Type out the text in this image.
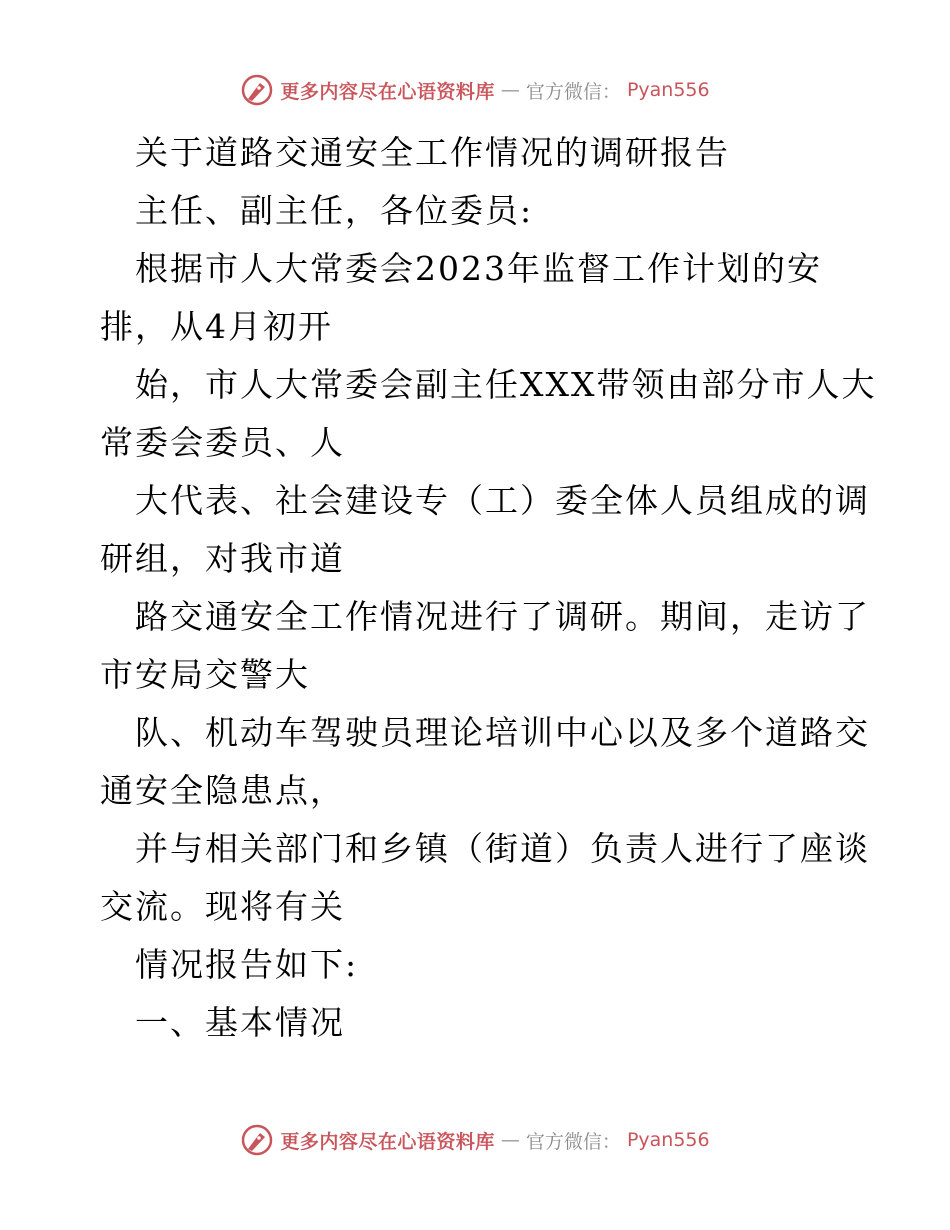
更多内容尽在心语资料库 — 官方微信： Pyan556
关于道路交通安全工作情况的调研报告
主任、副主任，各位委员:
根据市人大常委会2023年监督工作计划的安
排，从4月初开
始，市人大常委会副主任XXX带领由部分市人大
常委会委员、人
大代表、社会建设专（工）委全体人员组成的调
研组，对我市道
路交通安全工作情况进行了调研。期间，走访了
市安局交警大
队、机动车驾驶员理论培训中心以及多个道路交
通安全隐患点，
并与相关部门和乡镇（街道）负责人进行了座谈
交流。现将有关
情况报告如下:
一、基本情况
更多内容尽在心语资料库 — 官方微信： Pyan556
